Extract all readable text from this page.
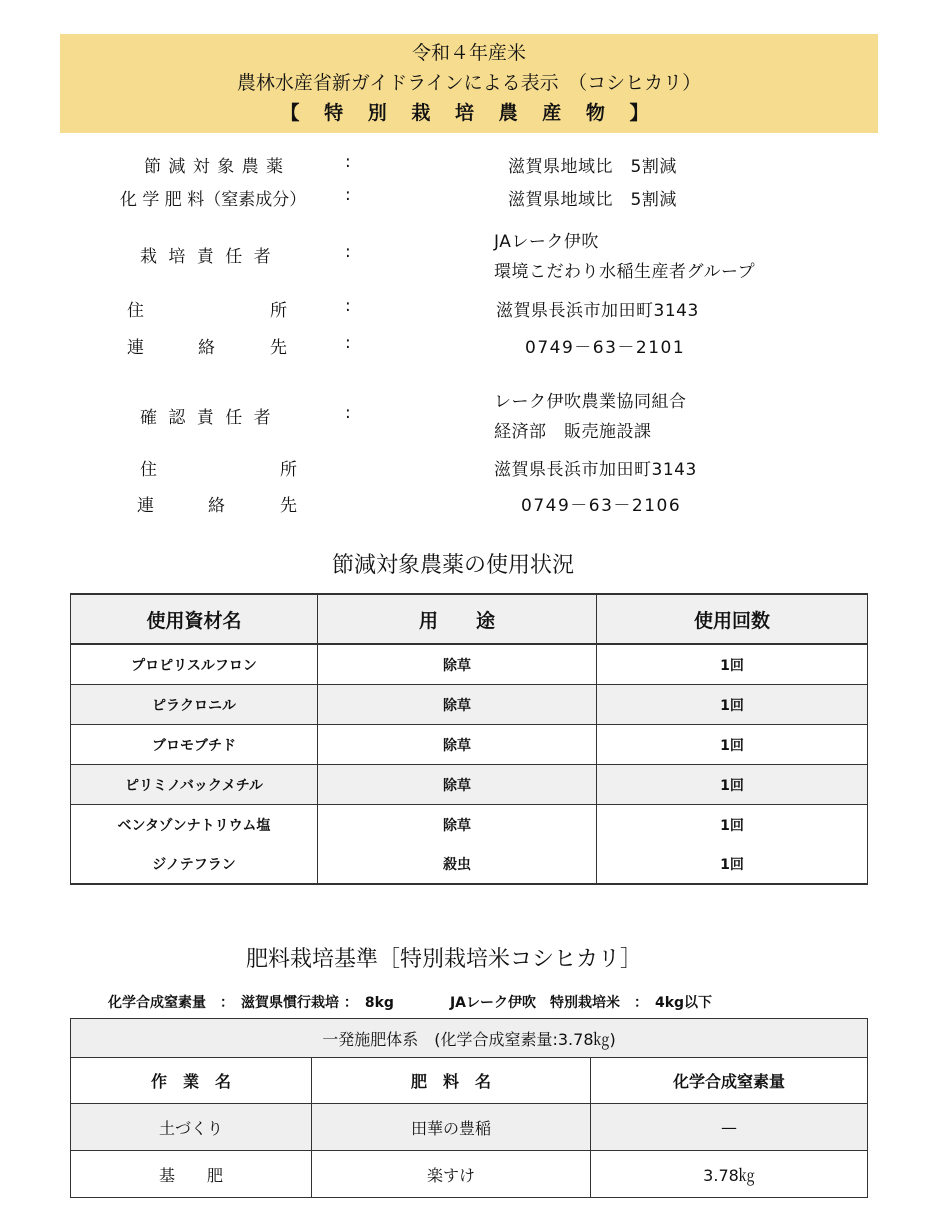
令和４年産米
農林水産省新ガイドラインによる表示　（コシヒカリ）
【 特 別 栽 培 農 産 物 】
節 減 対 象 農 薬	:	滋賀県地域比　5割減
化 学 肥 料（窒素成分） :	滋賀県地域比　5割減
栽 培 責 任 者	:	JAレーク伊吹
環境こだわり水稲生産者グループ
住	所	:	滋賀県長浜市加田町3143
連	絡	先	:	0749－63－2101
確 認 責 任 者	:
レーク伊吹農業協同組合
経済部　販売施設課
住	所	滋賀県長浜市加田町3143
連	絡	先	0749－63－2106
節減対象農薬の使用状況
使用資材名	用　　途	使用回数
プロピリスルフロン	除草	1回
ピラクロニル	除草	1回
ブロモブチド	除草	1回
ピリミノバックメチル	除草	1回
ベンタゾンナトリウム塩	除草	1回
ジノテフラン	殺虫	1回
肥料栽培基準［特別栽培米コシヒカリ］
化学合成窒素量　：　滋賀県慣行栽培 ：　8kg　　　　JAレーク伊吹　特別栽培米　：　4kg以下
一発施肥体系　(化学合成窒素量:3.78㎏)		
作　業　名	肥　料　名	化学合成窒素量
土づくり	田華の豊稲	—
基　　肥	楽すけ	3.78㎏
